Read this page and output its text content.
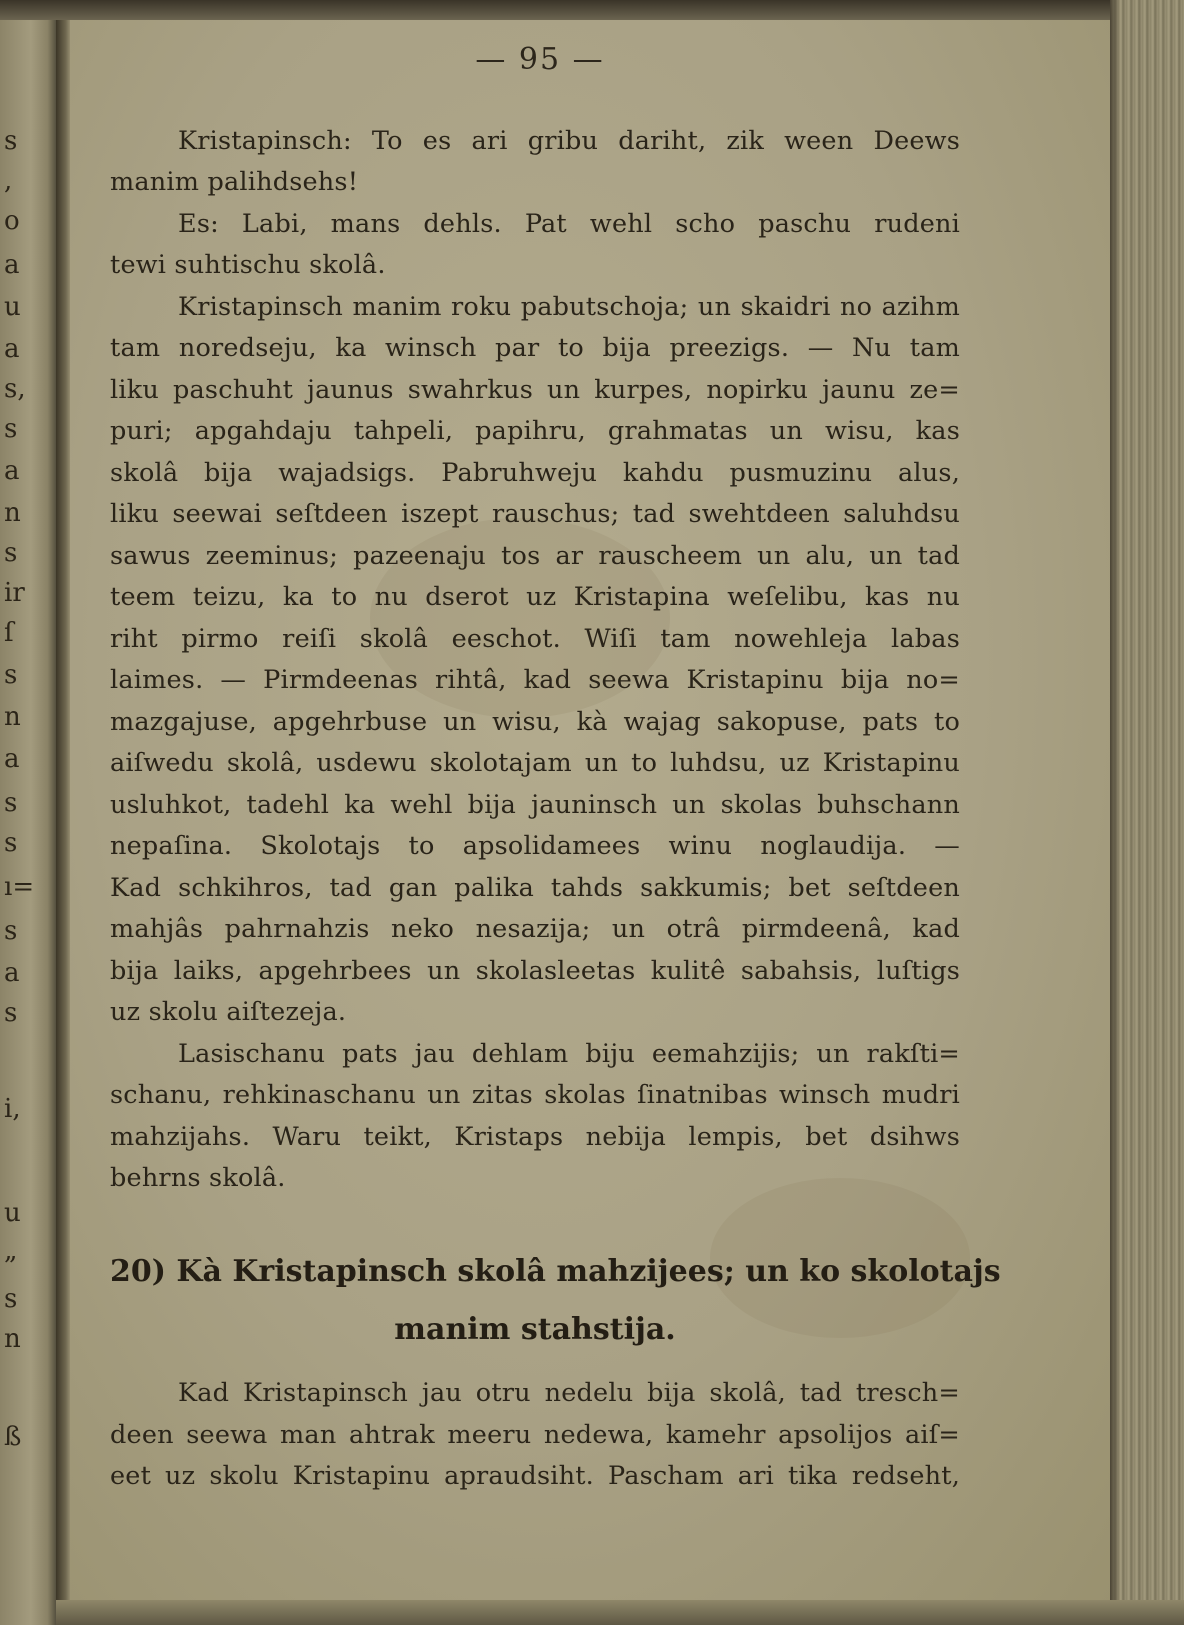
s
,
o
a
u
a
s,
s
a
n
s
ir
ſ
s
n
a
s
s
ı=
s
a
s
i,
u
„
s
n
ß
— 95 —
Kristapinsch: To es ari gribu dariht, zik ween Deews
manim palihdsehs!
Es: Labi, mans dehls. Pat wehl scho paschu rudeni
tewi suhtischu skolâ.
Kristapinsch manim roku pabutschoja; un skaidri no azihm
tam noredseju, ka winsch par to bija preezigs. — Nu tam
liku paschuht jaunus swahrkus un kurpes, nopirku jaunu ze=
puri; apgahdaju tahpeli, papihru, grahmatas un wisu, kas
skolâ bija wajadsigs. Pabruhweju kahdu pusmuzinu alus,
liku seewai seſtdeen iszept rauschus; tad swehtdeen saluhdsu
sawus zeeminus; pazeenaju tos ar rauscheem un alu, un tad
teem teizu, ka to nu dserot uz Kristapina weſelibu, kas nu
riht pirmo reiſi skolâ eeschot. Wiſi tam nowehleja labas
laimes. — Pirmdeenas rihtâ, kad seewa Kristapinu bija no=
mazgajuse, apgehrbuse un wisu, kà wajag sakopuse, pats to
aiſwedu skolâ, usdewu skolotajam un to luhdsu, uz Kristapinu
usluhkot, tadehl ka wehl bija jauninsch un skolas buhschann
nepaſina. Skolotajs to apsolidamees winu noglaudija. —
Kad schkihros, tad gan palika tahds sakkumis; bet seſtdeen
mahjâs pahrnahzis neko nesazija; un otrâ pirmdeenâ, kad
bija laiks, apgehrbees un skolasleetas kulitê sabahsis, luſtigs
uz skolu aiſtezeja.
Lasischanu pats jau dehlam biju eemahzijis; un rakſti=
schanu, rehkinaschanu un zitas skolas ſinatnibas winsch mudri
mahzijahs. Waru teikt, Kristaps nebija lempis, bet dsihws
behrns skolâ.
20) Kà Kristapinsch skolâ mahzijees; un ko skolotajs
manim stahstija.
Kad Kristapinsch jau otru nedelu bija skolâ, tad tresch=
deen seewa man ahtrak meeru nedewa, kamehr apsolijos aiſ=
eet uz skolu Kristapinu apraudsiht. Pascham ari tika redseht,
